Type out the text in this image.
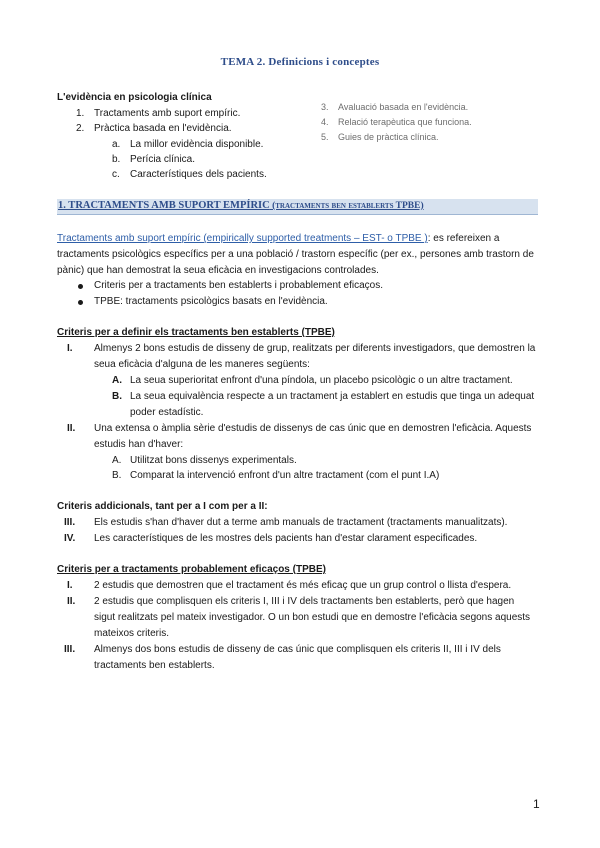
TEMA 2. Definicions i conceptes
L'evidència en psicologia clínica
1. Tractaments amb suport empíric.
2. Pràctica basada en l'evidència.
a. La millor evidència disponible.
b. Perícia clínica.
c. Característiques dels pacients.
3. Avaluació basada en l'evidència.
4. Relació terapèutica que funciona.
5. Guies de pràctica clínica.
1. TRACTAMENTS AMB SUPORT EMPÍRIC (tractaments ben establerts TPBE)
Tractaments amb suport empíric (empirically supported treatments – EST- o TPBE ): es refereixen a
tractaments psicològics específics per a una població / trastorn específic (per ex., persones amb trastorn de
pànic) que han demostrat la seua eficàcia en investigacions controlades.
Criteris per a tractaments ben establerts i probablement eficaços.
TPBE: tractaments psicològics basats en l'evidència.
Criteris per a definir els tractaments ben establerts (TPBE)
I. Almenys 2 bons estudis de disseny de grup, realitzats per diferents investigadors, que demostren la
seua eficàcia d'alguna de les maneres següents:
A. La seua superioritat enfront d'una píndola, un placebo psicològic o un altre tractament.
B. La seua equivalència respecte a un tractament ja establert en estudis que tinga un adequat
poder estadístic.
II. Una extensa o àmplia sèrie d'estudis de dissenys de cas únic que en demostren l'eficàcia. Aquests
estudis han d'haver:
A. Utilitzat bons dissenys experimentals.
B. Comparat la intervenció enfront d'un altre tractament (com el punt I.A)
Criteris addicionals, tant per a I com per a II:
III. Els estudis s'han d'haver dut a terme amb manuals de tractament (tractaments manualitzats).
IV. Les característiques de les mostres dels pacients han d'estar clarament especificades.
Criteris per a tractaments probablement eficaços (TPBE)
I. 2 estudis que demostren que el tractament és més eficaç que un grup control o llista d'espera.
II. 2 estudis que complisquen els criteris I, III i IV dels tractaments ben establerts, però que hagen
sigut realitzats pel mateix investigador. O un bon estudi que en demostre l'eficàcia segons aquests
mateixos criteris.
III. Almenys dos bons estudis de disseny de cas únic que complisquen els criteris II, III i IV dels
tractaments ben establerts.
1
